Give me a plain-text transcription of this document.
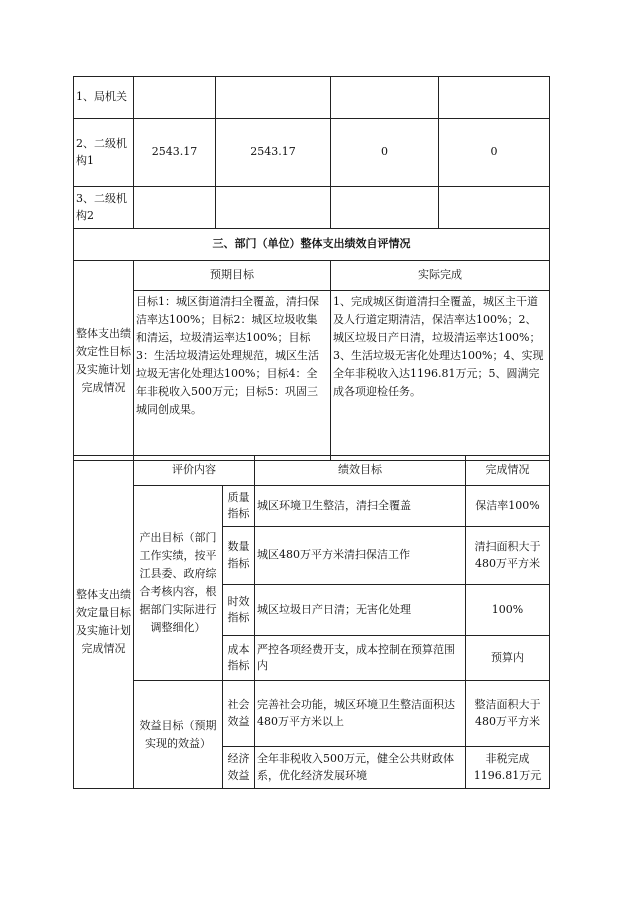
1、局机关				
2、二级机构1	2543.17	2543.17	0	0
3、二级机构2				
三、部门（单位）整体支出绩效自评情况				
整体支出绩效定性目标及实施计划完成情况	预期目标		实际完成	
	目标1：城区街道清扫全覆盖，清扫保洁率达100%；目标2：城区垃圾收集和清运，垃圾清运率达100%；目标3：生活垃圾清运处理规范，城区生活垃圾无害化处理达100%；目标4：全年非税收入500万元；目标5：巩固三城同创成果。		1、完成城区街道清扫全覆盖，城区主干道及人行道定期清洁，保洁率达100%；2、城区垃圾日产日清，垃圾清运率达100%；3、生活垃圾无害化处理达100%；4、实现全年非税收入达1196.81万元；5、圆满完成各项迎检任务。	
整体支出绩效定量目标及实施计划完成情况	评价内容		绩效目标	完成情况
	产出目标（部门工作实绩，按平江县委、政府综合考核内容，根据部门实际进行调整细化）	质量指标	城区环境卫生整洁，清扫全覆盖	保洁率100%
		数量指标	城区480万平方米清扫保洁工作	清扫面积大于480万平方米
		时效指标	城区垃圾日产日清；无害化处理	100%
		成本指标	严控各项经费开支，成本控制在预算范围内	预算内
	效益目标（预期实现的效益）	社会效益	完善社会功能，城区环境卫生整洁面积达480万平方米以上	整洁面积大于480万平方米
		经济效益	全年非税收入500万元，健全公共财政体系，优化经济发展环境	非税完成1196.81万元
